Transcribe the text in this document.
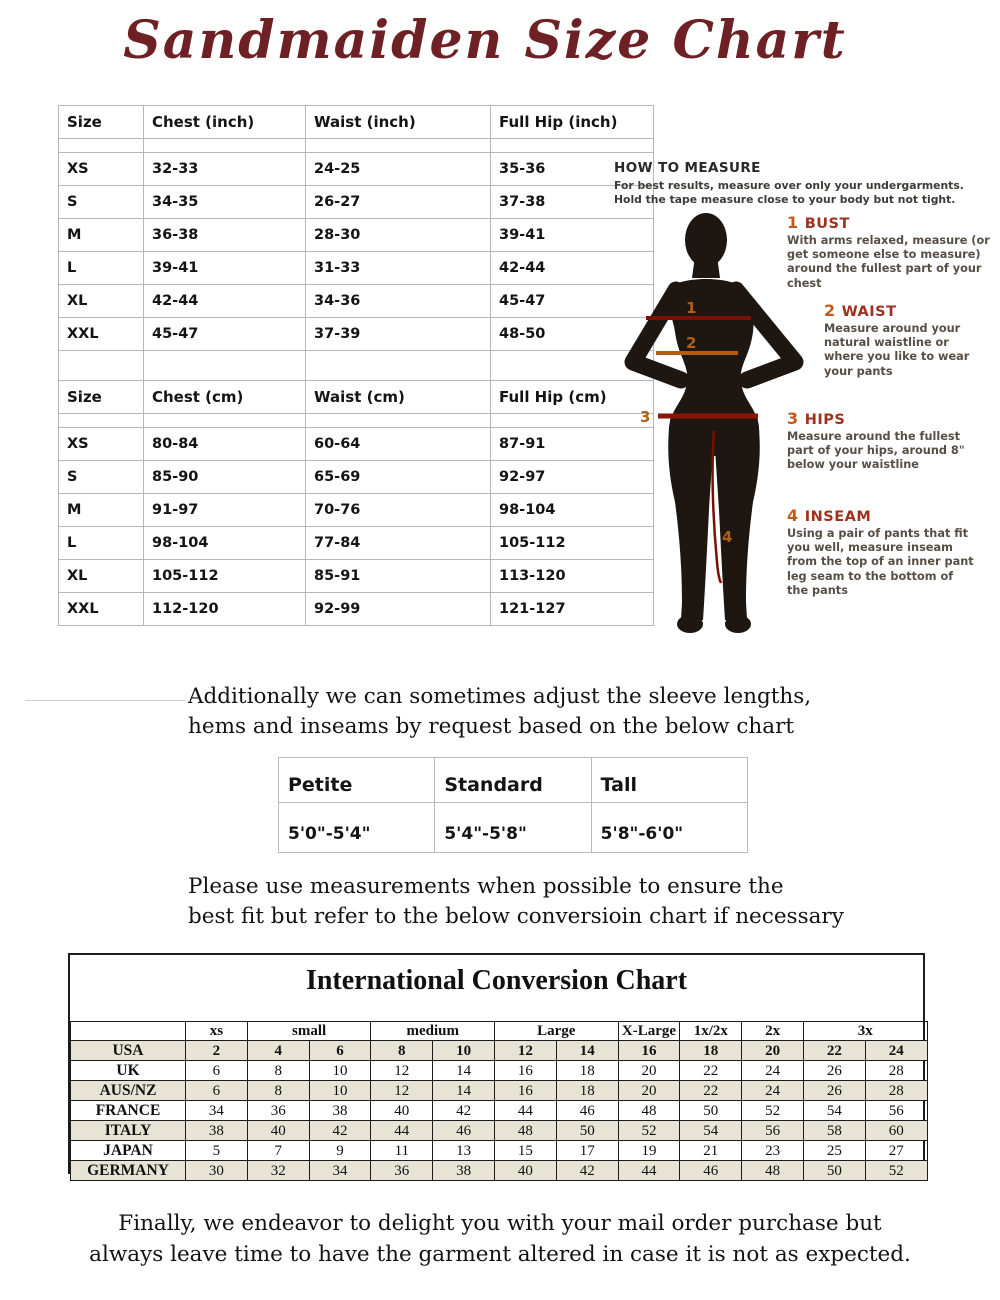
Sandmaiden Size Chart
Size	Chest (inch)	Waist (inch)	Full Hip (inch)

XS	32-33	24-25	35-36
S	34-35	26-27	37-38
M	36-38	28-30	39-41
L	39-41	31-33	42-44
XL	42-44	34-36	45-47
XXL	45-47	37-39	48-50

Size	Chest (cm)	Waist (cm)	Full Hip (cm)

XS	80-84	60-64	87-91
S	85-90	65-69	92-97
M	91-97	70-76	98-104
L	98-104	77-84	105-112
XL	105-112	85-91	113-120
XXL	112-120	92-99	121-127
HOW TO MEASURE
For best results, measure over only your undergarments.
Hold the tape measure close to your body but not tight.
1
2
3
4
1 BUST
With arms relaxed, measure (or get someone else to measure) around the fullest part of your chest
2 WAIST
Measure around your natural waistline or where you like to wear your pants
3 HIPS
Measure around the fullest part of your hips, around 8" below your waistline
4 INSEAM
Using a pair of pants that fit you well, measure inseam from the top of an inner pant leg seam to the bottom of the pants
Additionally we can sometimes adjust the sleeve lengths,
hems and inseams by request based on the below chart
Petite	Standard	Tall
5'0"-5'4"	5'4"-5'8"	5'8"-6'0"
Please use measurements when possible to ensure the
best fit but refer to the below conversioin chart if necessary
International Conversion Chart
	xs	small		medium		Large		X-Large	1x/2x	2x	3x	
USA	2	4	6	8	10	12	14	16	18	20	22	24
UK	6	8	10	12	14	16	18	20	22	24	26	28
AUS/NZ	6	8	10	12	14	16	18	20	22	24	26	28
FRANCE	34	36	38	40	42	44	46	48	50	52	54	56
ITALY	38	40	42	44	46	48	50	52	54	56	58	60
JAPAN	5	7	9	11	13	15	17	19	21	23	25	27
GERMANY	30	32	34	36	38	40	42	44	46	48	50	52
Finally, we endeavor to delight you with your mail order purchase but
always leave time to have the garment altered in case it is not as expected.
